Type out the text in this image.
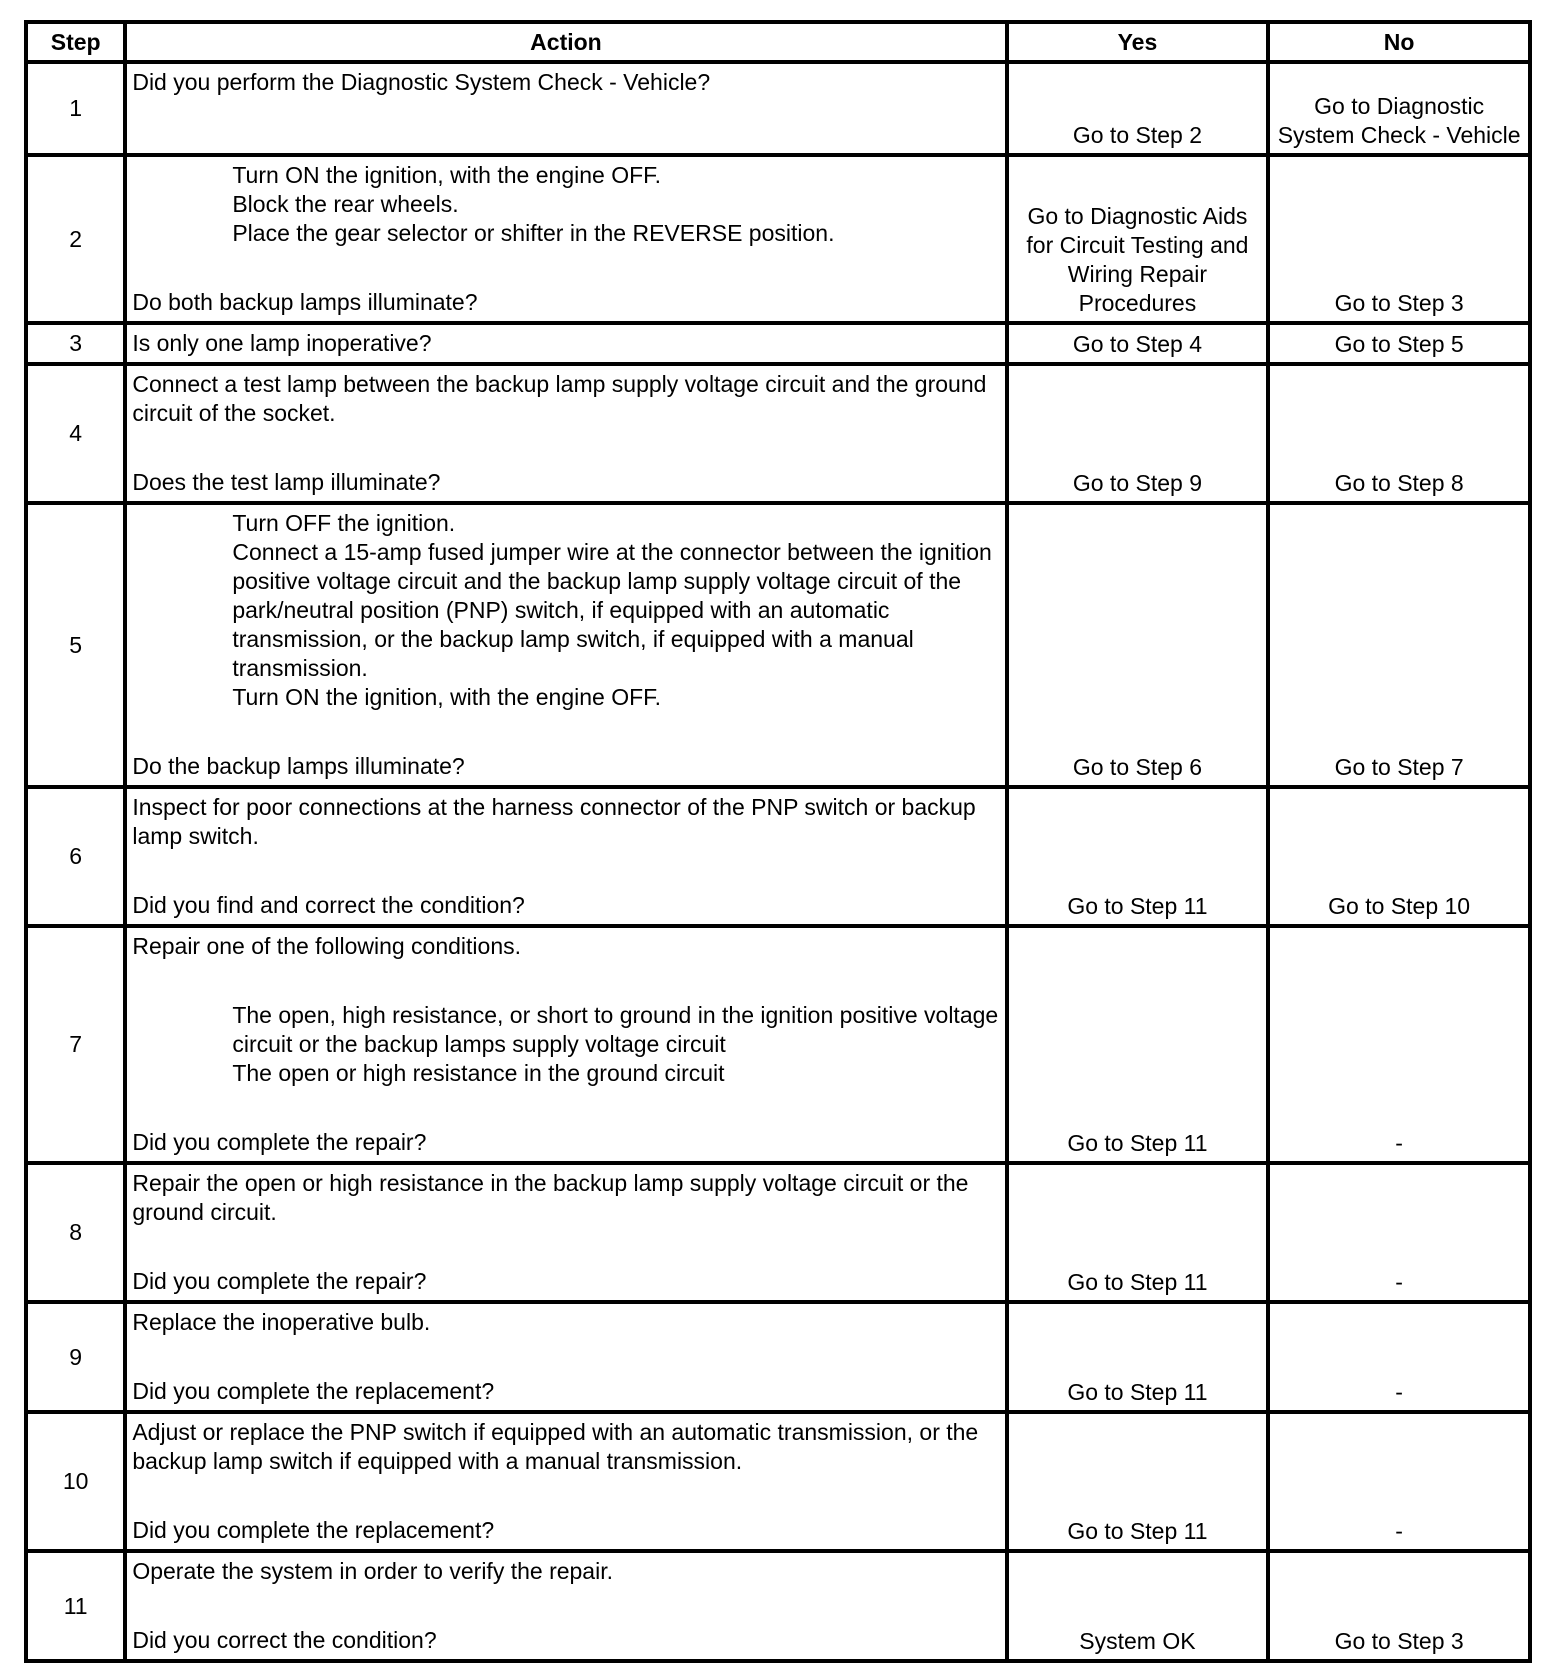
Step	Action	Yes	No
1	Did you perform the Diagnostic System Check - Vehicle?	Go to Step 2	Go to Diagnostic System Check - Vehicle
2	Turn ON the ignition, with the engine OFF.
Block the rear wheels.
Place the gear selector or shifter in the REVERSE position.
Do both backup lamps illuminate?	Go to Diagnostic Aids for Circuit Testing and Wiring Repair Procedures	Go to Step 3
3	Is only one lamp inoperative?	Go to Step 4	Go to Step 5
4	Connect a test lamp between the backup lamp supply voltage circuit and the ground circuit of the socket.
Does the test lamp illuminate?	Go to Step 9	Go to Step 8
5	Turn OFF the ignition.
Connect a 15-amp fused jumper wire at the connector between the ignition positive voltage circuit and the backup lamp supply voltage circuit of the park/neutral position (PNP) switch, if equipped with an automatic transmission, or the backup lamp switch, if equipped with a manual transmission.
Turn ON the ignition, with the engine OFF.
Do the backup lamps illuminate?	Go to Step 6	Go to Step 7
6	Inspect for poor connections at the harness connector of the PNP switch or backup lamp switch.
Did you find and correct the condition?	Go to Step 11	Go to Step 10
7	Repair one of the following conditions.
The open, high resistance, or short to ground in the ignition positive voltage circuit or the backup lamps supply voltage circuit
The open or high resistance in the ground circuit
Did you complete the repair?	Go to Step 11	-
8	Repair the open or high resistance in the backup lamp supply voltage circuit or the ground circuit.
Did you complete the repair?	Go to Step 11	-
9	Replace the inoperative bulb.
Did you complete the replacement?	Go to Step 11	-
10	Adjust or replace the PNP switch if equipped with an automatic transmission, or the backup lamp switch if equipped with a manual transmission.
Did you complete the replacement?	Go to Step 11	-
11	Operate the system in order to verify the repair.
Did you correct the condition?	System OK	Go to Step 3
